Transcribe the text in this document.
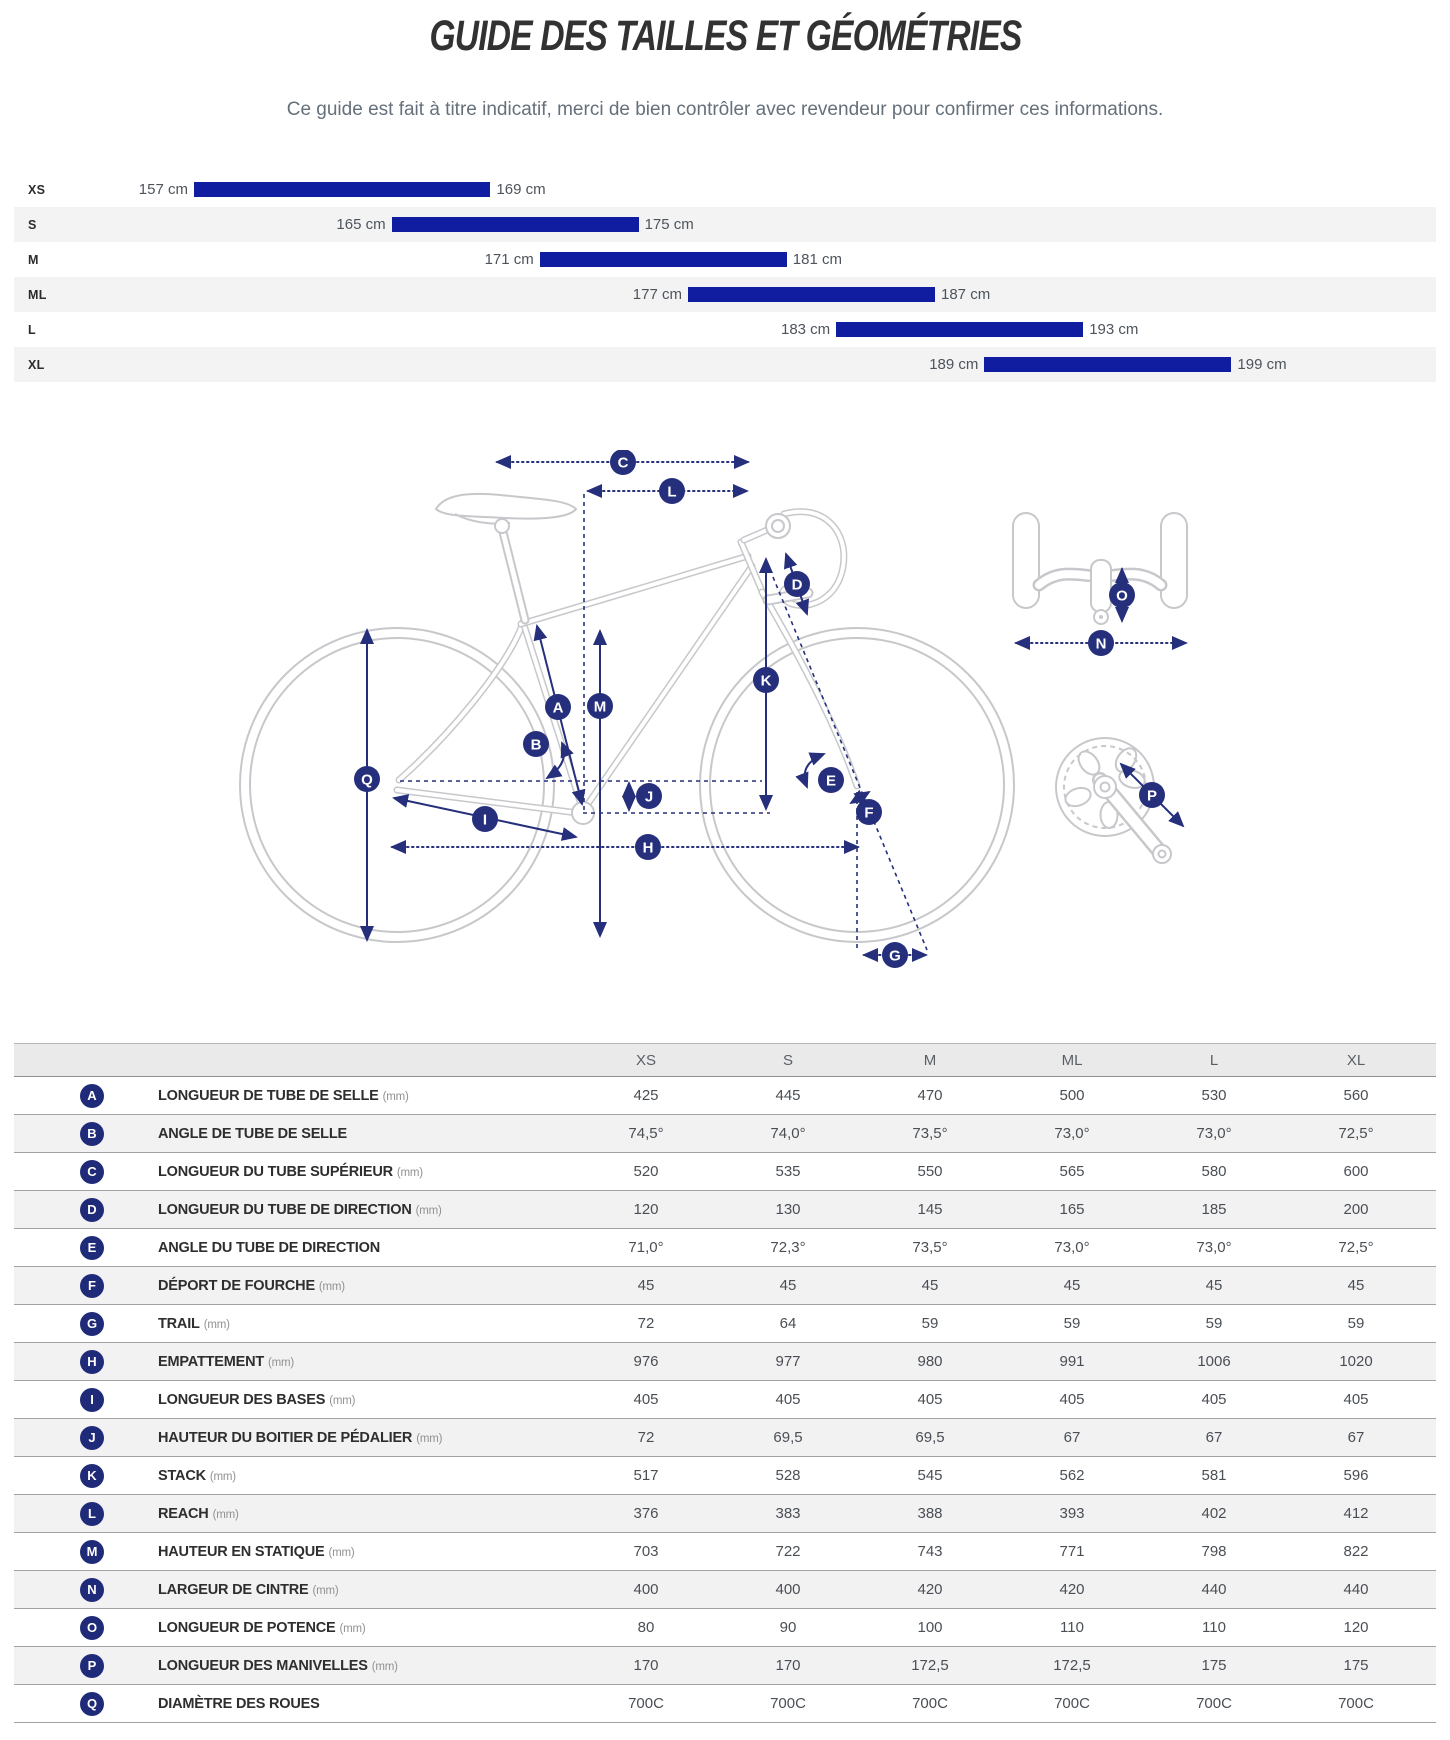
GUIDE DES TAILLES ET GÉOMÉTRIES
Ce guide est fait à titre indicatif, merci de bien contrôler avec revendeur pour confirmer ces informations.
XS	157 cm	169 cm
S	165 cm	175 cm
M	171 cm	181 cm
ML	177 cm	187 cm
L	183 cm	193 cm
XL	189 cm	199 cm
C
L
D
K
A M
B
Q	E
J
F
I
H
G
O
N
P
XS	S	M	ML	L	XL
A	LONGUEUR DE TUBE DE SELLE (mm)	425	445	470	500	530	560
B	ANGLE DE TUBE DE SELLE	74,5°	74,0°	73,5°	73,0°	73,0°	72,5°
C	LONGUEUR DU TUBE SUPÉRIEUR (mm)	520	535	550	565	580	600
D	LONGUEUR DU TUBE DE DIRECTION (mm)	120	130	145	165	185	200
E	ANGLE DU TUBE DE DIRECTION	71,0°	72,3°	73,5°	73,0°	73,0°	72,5°
F	DÉPORT DE FOURCHE (mm)	45	45	45	45	45	45
G	TRAIL (mm)	72	64	59	59	59	59
H	EMPATTEMENT (mm)	976	977	980	991	1006	1020
I	LONGUEUR DES BASES (mm)	405	405	405	405	405	405
J	HAUTEUR DU BOITIER DE PÉDALIER (mm)	72	69,5	69,5	67	67	67
K	STACK (mm)	517	528	545	562	581	596
L	REACH (mm)	376	383	388	393	402	412
M	HAUTEUR EN STATIQUE (mm)	703	722	743	771	798	822
N	LARGEUR DE CINTRE (mm)	400	400	420	420	440	440
O	LONGUEUR DE POTENCE (mm)	80	90	100	110	110	120
P	LONGUEUR DES MANIVELLES (mm)	170	170	172,5	172,5	175	175
Q	DIAMÈTRE DES ROUES	700C	700C	700C	700C	700C	700C
